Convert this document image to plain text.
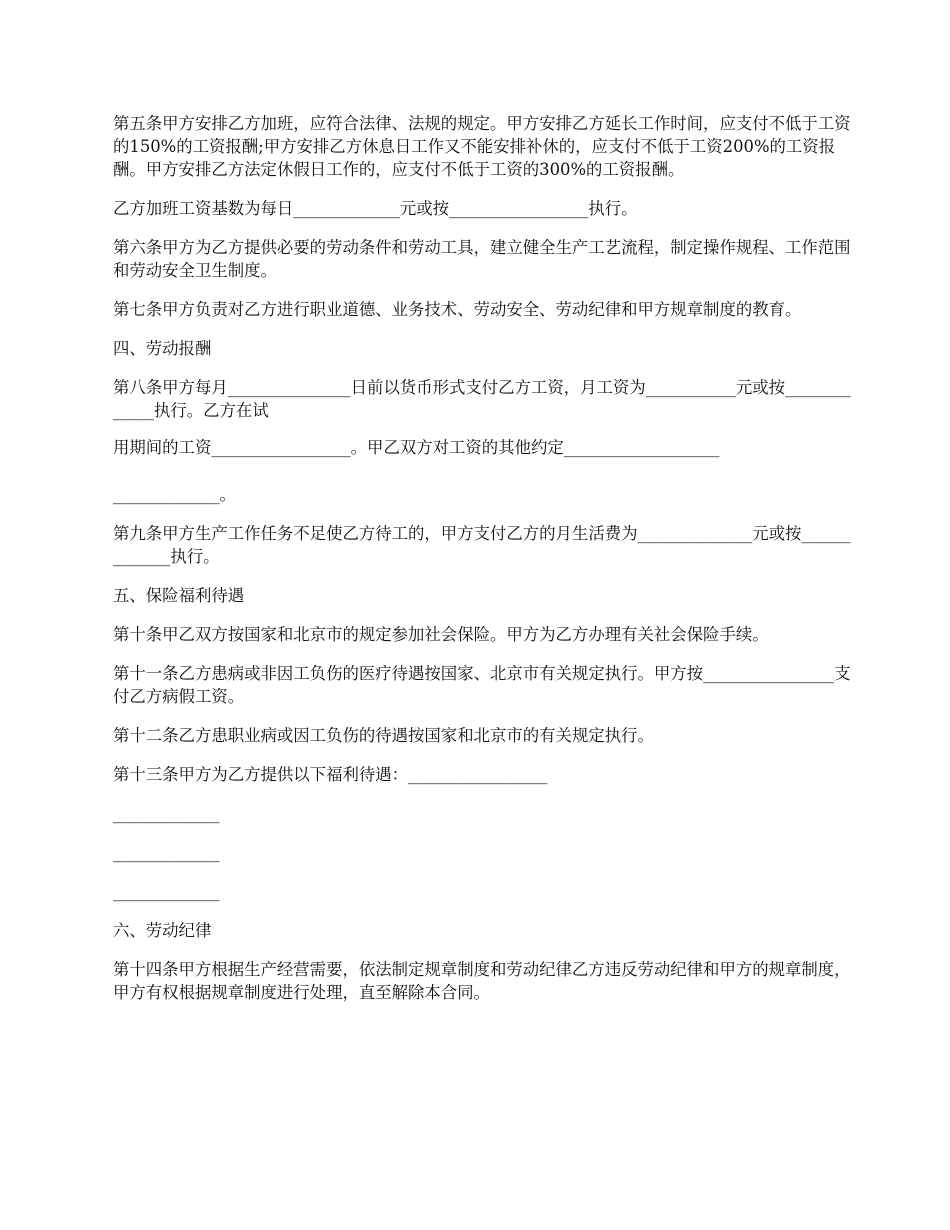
第五条甲方安排乙方加班，应符合法律、法规的规定。甲方安排乙方延长工作时间，应支付不低于工资的150%的工资报酬;甲方安排乙方休息日工作又不能安排补休的，应支付不低于工资200%的工资报酬。甲方安排乙方法定休假日工作的，应支付不低于工资的300%的工资报酬。

乙方加班工资基数为每日_____________元或按_________________执行。

第六条甲方为乙方提供必要的劳动条件和劳动工具，建立健全生产工艺流程，制定操作规程、工作范围和劳动安全卫生制度。

第七条甲方负责对乙方进行职业道德、业务技术、劳动安全、劳动纪律和甲方规章制度的教育。

四、劳动报酬

第八条甲方每月_______________日前以货币形式支付乙方工资，月工资为___________元或按_____________执行。乙方在试

用期间的工资_________________。甲乙双方对工资的其他约定___________________

_____________。

第九条甲方生产工作任务不足使乙方待工的，甲方支付乙方的月生活费为______________元或按_____________执行。

五、保险福利待遇

第十条甲乙双方按国家和北京市的规定参加社会保险。甲方为乙方办理有关社会保险手续。

第十一条乙方患病或非因工负伤的医疗待遇按国家、北京市有关规定执行。甲方按________________支付乙方病假工资。

第十二条乙方患职业病或因工负伤的待遇按国家和北京市的有关规定执行。

第十三条甲方为乙方提供以下福利待遇：_________________

_____________

_____________

_____________

六、劳动纪律

第十四条甲方根据生产经营需要，依法制定规章制度和劳动纪律乙方违反劳动纪律和甲方的规章制度，甲方有权根据规章制度进行处理，直至解除本合同。
